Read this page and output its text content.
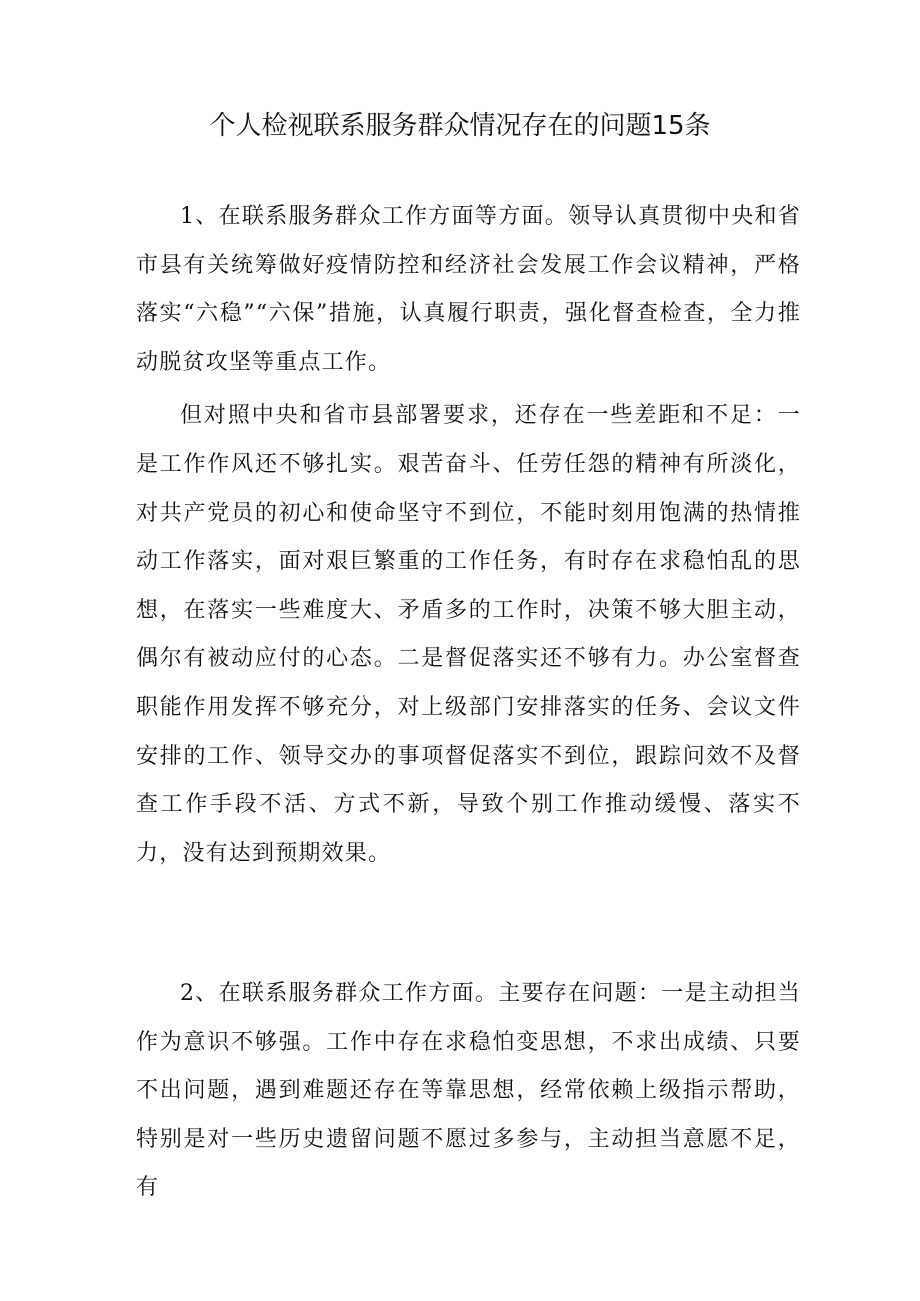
个人检视联系服务群众情况存在的问题15条

1、在联系服务群众工作方面等方面。领导认真贯彻中央和省市县有关统筹做好疫情防控和经济社会发展工作会议精神，严格落实“六稳”“六保”措施，认真履行职责，强化督查检查，全力推动脱贫攻坚等重点工作。

但对照中央和省市县部署要求，还存在一些差距和不足：一是工作作风还不够扎实。艰苦奋斗、任劳任怨的精神有所淡化，对共产党员的初心和使命坚守不到位，不能时刻用饱满的热情推动工作落实，面对艰巨繁重的工作任务，有时存在求稳怕乱的思想，在落实一些难度大、矛盾多的工作时，决策不够大胆主动，偶尔有被动应付的心态。二是督促落实还不够有力。办公室督查职能作用发挥不够充分，对上级部门安排落实的任务、会议文件安排的工作、领导交办的事项督促落实不到位，跟踪问效不及督查工作手段不活、方式不新，导致个别工作推动缓慢、落实不力，没有达到预期效果。

2、在联系服务群众工作方面。主要存在问题：一是主动担当作为意识不够强。工作中存在求稳怕变思想，不求出成绩、只要不出问题，遇到难题还存在等靠思想，经常依赖上级指示帮助，特别是对一些历史遗留问题不愿过多参与，主动担当意愿不足，有
